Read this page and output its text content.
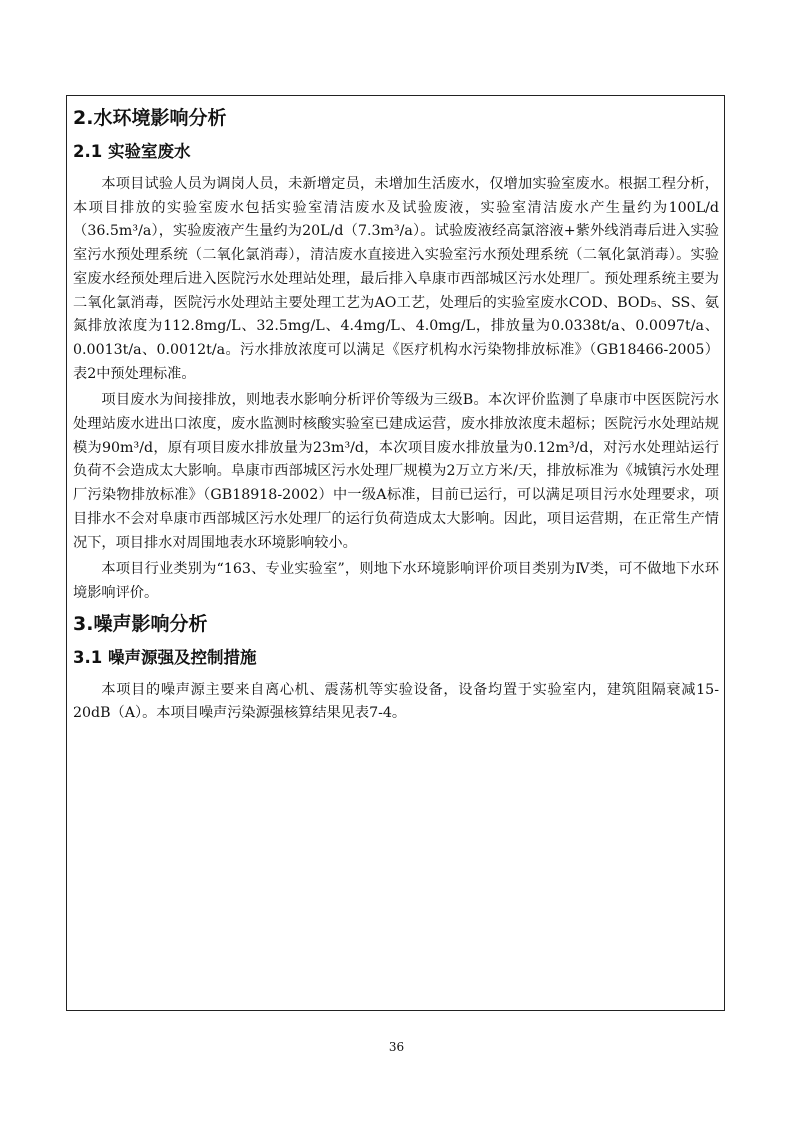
2.水环境影响分析
2.1 实验室废水

本项目试验人员为调岗人员，未新增定员，未增加生活废水，仅增加实验室废水。根据工程分析，本项目排放的实验室废水包括实验室清洁废水及试验废液，实验室清洁废水产生量约为100L/d（36.5m³/a），实验废液产生量约为20L/d（7.3m³/a）。试验废液经高氯溶液+紫外线消毒后进入实验室污水预处理系统（二氧化氯消毒），清洁废水直接进入实验室污水预处理系统（二氧化氯消毒）。实验室废水经预处理后进入医院污水处理站处理，最后排入阜康市西部城区污水处理厂。预处理系统主要为二氧化氯消毒，医院污水处理站主要处理工艺为AO工艺，处理后的实验室废水COD、BOD₅、SS、氨氮排放浓度为112.8mg/L、32.5mg/L、4.4mg/L、4.0mg/L，排放量为0.0338t/a、0.0097t/a、0.0013t/a、0.0012t/a。污水排放浓度可以满足《医疗机构水污染物排放标准》（GB18466-2005）表2中预处理标准。

项目废水为间接排放，则地表水影响分析评价等级为三级B。本次评价监测了阜康市中医医院污水处理站废水进出口浓度，废水监测时核酸实验室已建成运营，废水排放浓度未超标；医院污水处理站规模为90m³/d，原有项目废水排放量为23m³/d，本次项目废水排放量为0.12m³/d，对污水处理站运行负荷不会造成太大影响。阜康市西部城区污水处理厂规模为2万立方米/天，排放标准为《城镇污水处理厂污染物排放标准》（GB18918-2002）中一级A标准，目前已运行，可以满足项目污水处理要求，项目排水不会对阜康市西部城区污水处理厂的运行负荷造成太大影响。因此，项目运营期，在正常生产情况下，项目排水对周围地表水环境影响较小。

本项目行业类别为“163、专业实验室”，则地下水环境影响评价项目类别为Ⅳ类，可不做地下水环境影响评价。

3.噪声影响分析
3.1 噪声源强及控制措施

本项目的噪声源主要来自离心机、震荡机等实验设备，设备均置于实验室内，建筑阻隔衰减15-20dB（A）。本项目噪声污染源强核算结果见表7-4。

36
